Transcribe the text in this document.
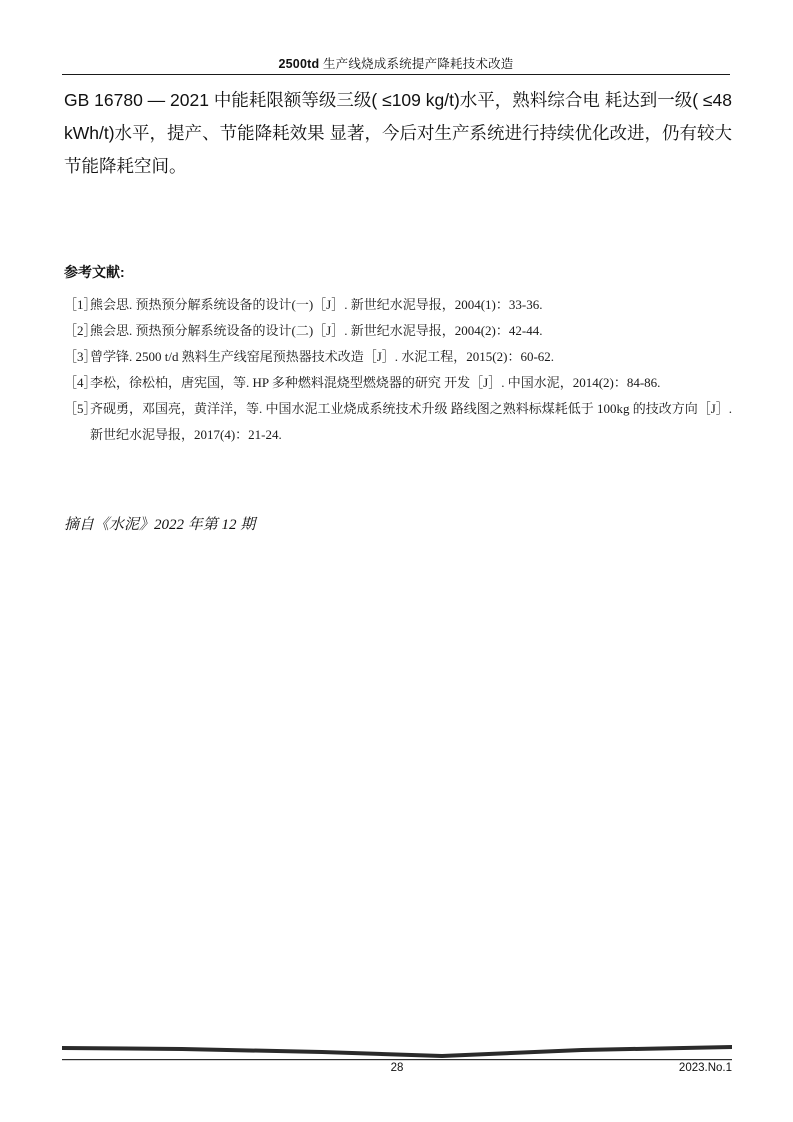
2500td 生产线烧成系统提产降耗技术改造
GB 16780 — 2021 中能耗限额等级三级( ≤109 kg/t)水平，熟料综合电 耗达到一级( ≤48 kWh/t)水平，提产、节能降耗效果 显著，今后对生产系统进行持续优化改进，仍有较大节能降耗空间。
参考文献:
［1］
熊会思. 预热预分解系统设备的设计(一)［J］. 新世纪水泥导报，2004(1)：33-36.
［2］
熊会思. 预热预分解系统设备的设计(二)［J］. 新世纪水泥导报，2004(2)：42-44.
［3］
曾学锋. 2500 t/d 熟料生产线窑尾预热器技术改造［J］. 水泥工程，2015(2)：60-62.
［4］
李松，徐松柏，唐宪国，等. HP 多种燃料混烧型燃烧器的研究 开发［J］. 中国水泥，2014(2)：84-86.
［5］
齐砚勇，邓国亮，黄洋洋，等. 中国水泥工业烧成系统技术升级 路线图之熟料标煤耗低于 100kg 的技改方向［J］. 新世纪水泥导报，2017(4)：21-24.
摘自《水泥》2022 年第 12 期
28	2023.No.1
